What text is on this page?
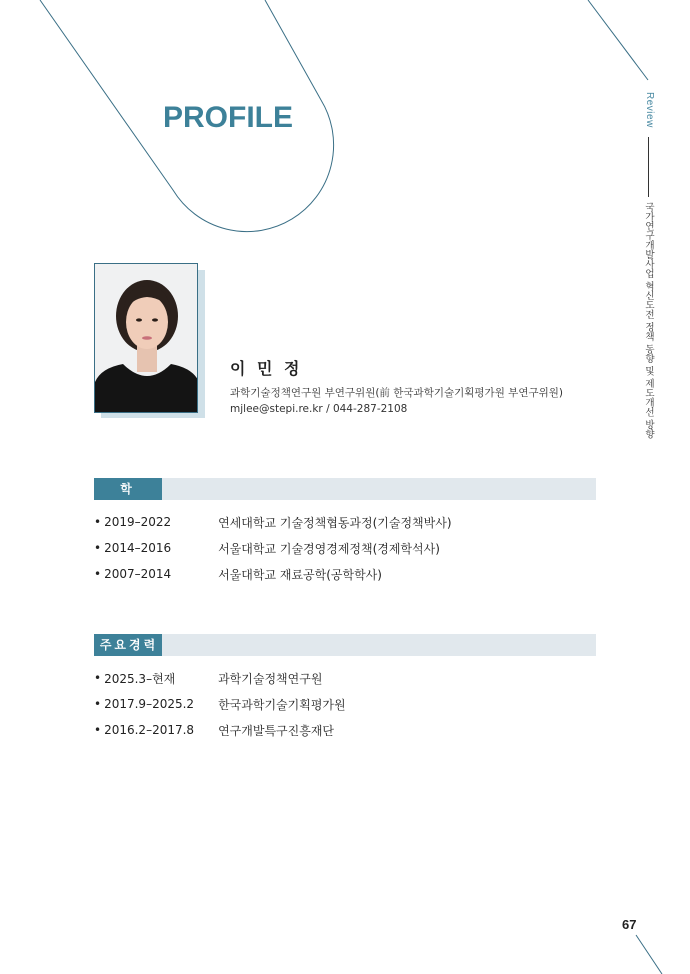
PROFILE	Review
국가연구개발사업 혁신도전 정책 동향 및 제도개선 방향
이 민 정
과학기술정책연구원 부연구위원(前 한국과학기술기획평가원 부연구위원)
mjlee@stepi.re.kr / 044-287-2108
학력
• 2019–2022	연세대학교 기술정책협동과정(기술정책박사)
• 2014–2016	서울대학교 기술경영경제정책(경제학석사)
• 2007–2014	서울대학교 재료공학(공학학사)
주요경력
• 2025.3–현재	과학기술정책연구원
• 2017.9–2025.2	한국과학기술기획평가원
• 2016.2–2017.8	연구개발특구진흥재단
67
